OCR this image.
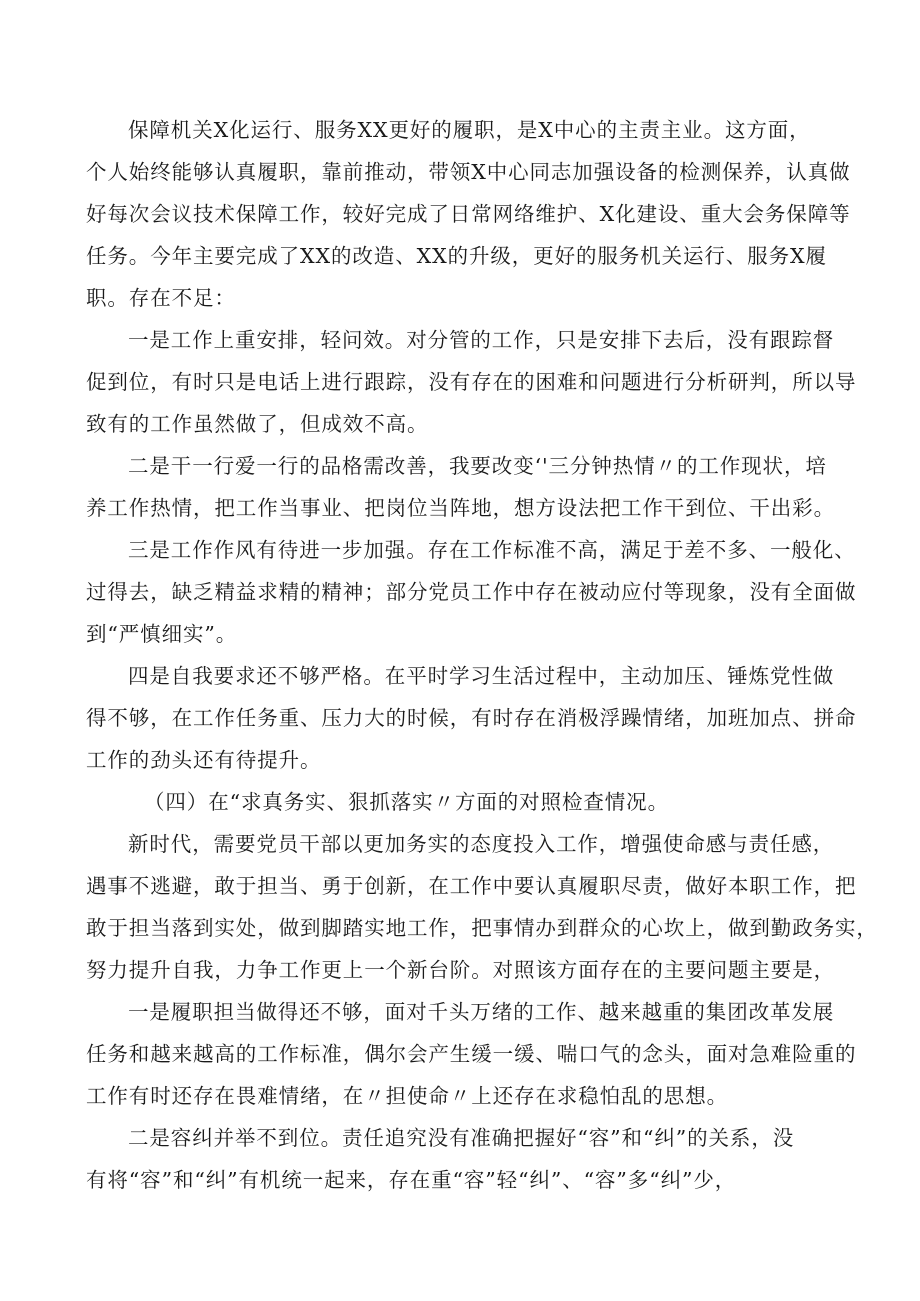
保障机关X化运行、服务XX更好的履职，是X中心的主责主业。这方面，
个人始终能够认真履职，靠前推动，带领X中心同志加强设备的检测保养，认真做
好每次会议技术保障工作，较好完成了日常网络维护、X化建设、重大会务保障等
任务。今年主要完成了XX的改造、XX的升级，更好的服务机关运行、服务X履
职。存在不足：
一是工作上重安排，轻问效。对分管的工作，只是安排下去后，没有跟踪督
促到位，有时只是电话上进行跟踪，没有存在的困难和问题进行分析研判，所以导
致有的工作虽然做了，但成效不高。
二是干一行爱一行的品格需改善，我要改变‘'三分钟热情〃的工作现状，培
养工作热情，把工作当事业、把岗位当阵地，想方设法把工作干到位、干出彩。
三是工作作风有待进一步加强。存在工作标准不高，满足于差不多、一般化、
过得去，缺乏精益求精的精神；部分党员工作中存在被动应付等现象，没有全面做
到“严慎细实”。
四是自我要求还不够严格。在平时学习生活过程中，主动加压、锤炼党性做
得不够，在工作任务重、压力大的时候，有时存在消极浮躁情绪，加班加点、拼命
工作的劲头还有待提升。
（四）在“求真务实、狠抓落实〃方面的对照检查情况。
新时代，需要党员干部以更加务实的态度投入工作，增强使命感与责任感，
遇事不逃避，敢于担当、勇于创新，在工作中要认真履职尽责，做好本职工作，把
敢于担当落到实处，做到脚踏实地工作，把事情办到群众的心坎上，做到勤政务实，
努力提升自我，力争工作更上一个新台阶。对照该方面存在的主要问题主要是，
一是履职担当做得还不够，面对千头万绪的工作、越来越重的集团改革发展
任务和越来越高的工作标准，偶尔会产生缓一缓、喘口气的念头，面对急难险重的
工作有时还存在畏难情绪，在〃担使命〃上还存在求稳怕乱的思想。
二是容纠并举不到位。责任追究没有准确把握好“容”和“纠”的关系，没
有将“容”和“纠”有机统一起来，存在重“容”轻“纠”、“容”多“纠”少，
